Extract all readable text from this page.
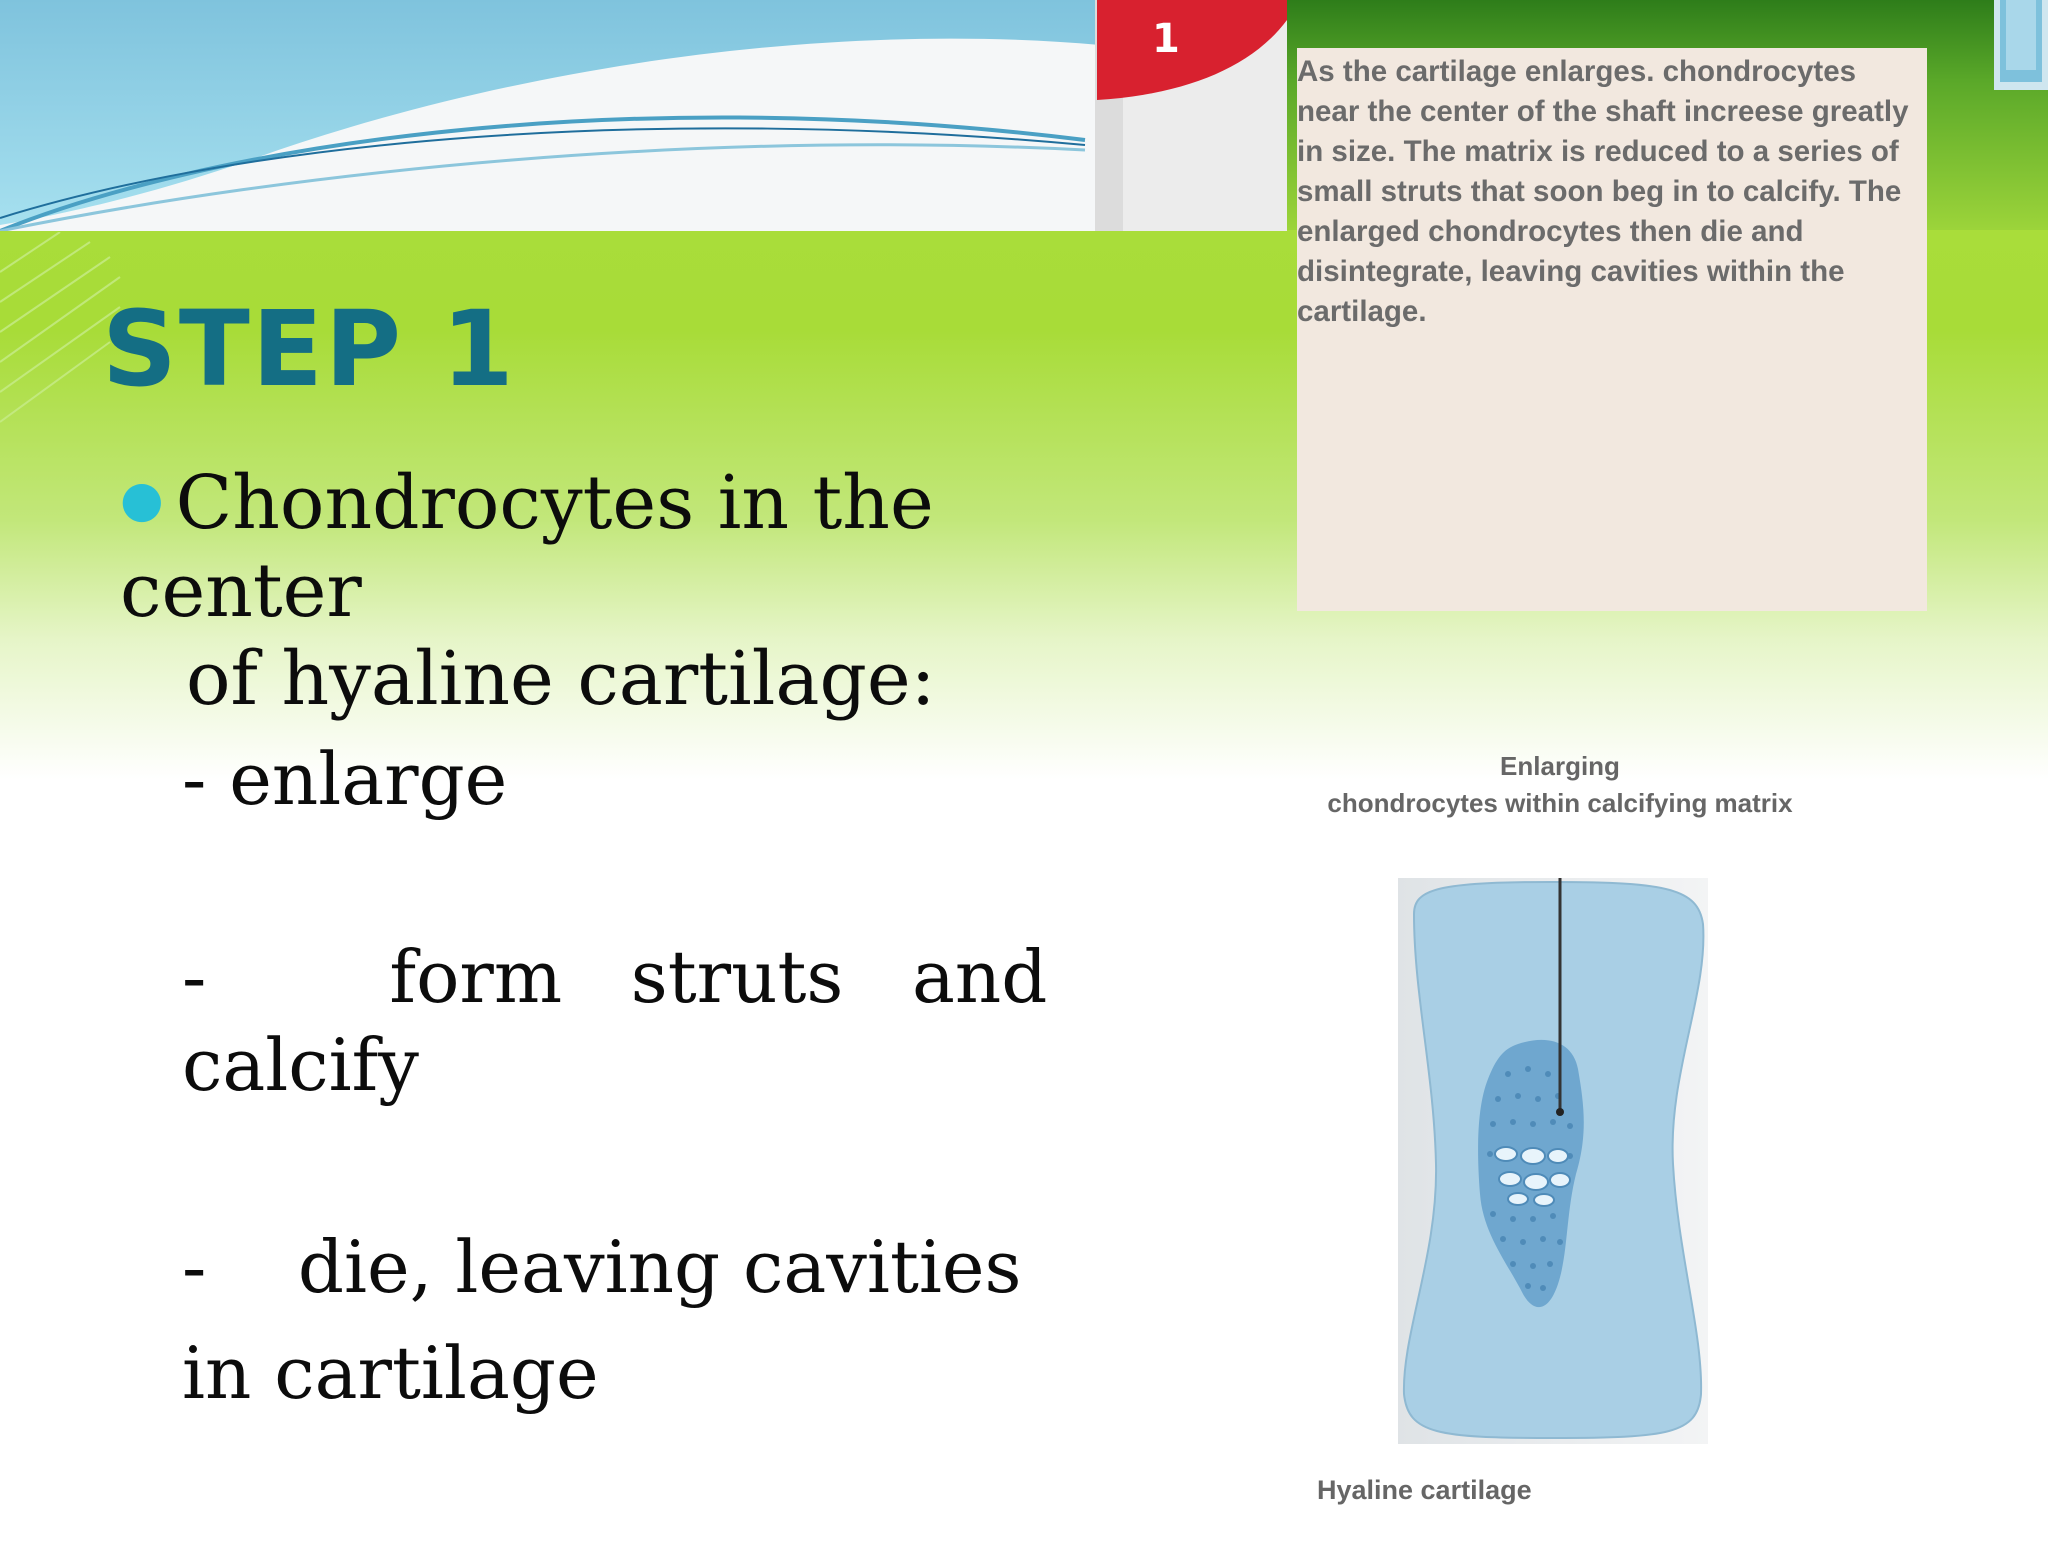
1
STEP 1
● Chondrocytes in the center
of hyaline cartilage:
- enlarge
-        form   struts   and
calcify
-    die, leaving cavities
in cartilage

As the cartilage enlarges. chondrocytes near the center of the shaft increese greatly in size. The matrix is reduced to a series of small struts that soon beg in to calcify. The enlarged chondrocytes then die and disintegrate, leaving cavities within the cartilage.

Enlarging
chondrocytes within calcifying matrix
Hyaline cartilage
